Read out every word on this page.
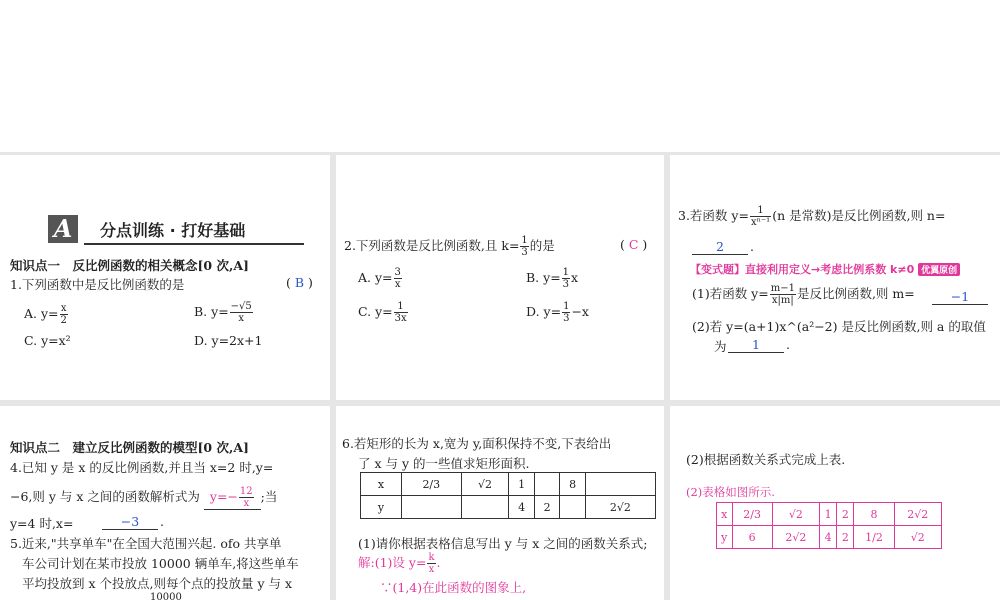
A	分点训练 · 打好基础
知识点一　反比例函数的相关概念[0 次,A]
1.下列函数中是反比例函数的是	( B )
A. $y= \frac{x}{2}$	B. $y= \frac{-√5}{x}$
C. y=x²	D. y=2x+1
2.下列函数是反比例函数,且 $k= \frac{1}{3}$ 的是	( C )
A. $y= \frac{3}{x}$	B. $y= \frac{1}{3}$ x
C. $y= \frac{1}{3x}$	D. $y= \frac{1}{3} -x$
3.若函数 $y= \frac{1}{\text{xⁿ⁻¹}} (n$ 是常数)是反比例函数,则 n=
2	.
【变式题】直接利用定义→考虑比例系数 k≠0 优翼原创
(1)若函数 $y= \frac{m-1}{x|m|}$ 是反比例函数,则 m=	−1
(2)若 y=(a+1)x^(a²−2) 是反比例函数,则 a 的取值
为	1	.
知识点二　建立反比例函数的模型[0 次,A]
4.已知 y 是 x 的反比例函数,并且当 x=2 时,y=
−6,则 y 与 x 之间的函数解析式为 $y=- \frac{12}{x}$ ;当
y=4 时,x=	−3	.
5.近来,"共享单车"在全国大范围兴起. ofo 共享单
车公司计划在某市投放 10000 辆单车,将这些单车
平均投放到 x 个投放点,则每个点的投放量 y 与 x
10000
6.若矩形的长为 x,宽为 y,面积保持不变,下表给出
了 x 与 y 的一些值求矩形面积.
x	2/3	√2	1		8	
y			4	2		2√2
(1)请你根据表格信息写出 y 与 x 之间的函数关系式;
解:(1)设 $y= \frac{k}{x}$ .
∵(1,4)在此函数的图象上,
(2)根据函数关系式完成上表.
(2)表格如图所示.
x	2/3	√2	1	2	8	2√2
y	6	2√2	4	2	1/2	√2
